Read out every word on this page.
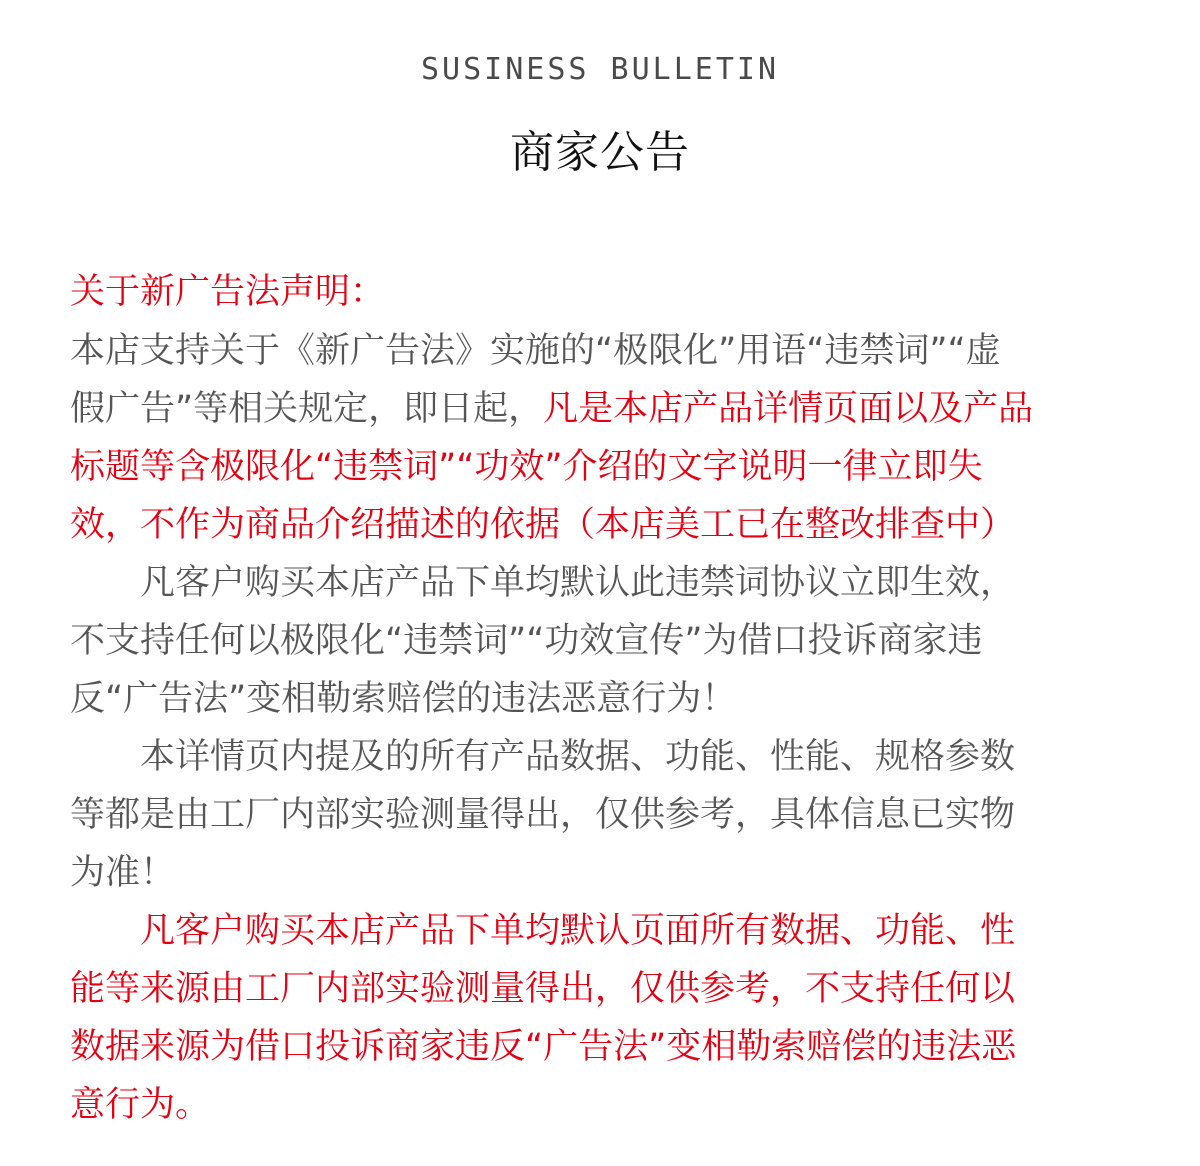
SUSINESS BULLETIN
商家公告
关于新广告法声明：
本店支持关于《新广告法》实施的“极限化”用语“违禁词”“虚
假广告”等相关规定，即日起，凡是本店产品详情页面以及产品
标题等含极限化“违禁词”“功效”介绍的文字说明一律立即失
效，不作为商品介绍描述的依据（本店美工已在整改排查中）
凡客户购买本店产品下单均默认此违禁词协议立即生效，
不支持任何以极限化“违禁词”“功效宣传”为借口投诉商家违
反“广告法”变相勒索赔偿的违法恶意行为！
本详情页内提及的所有产品数据、功能、性能、规格参数
等都是由工厂内部实验测量得出，仅供参考，具体信息已实物
为准！
凡客户购买本店产品下单均默认页面所有数据、功能、性
能等来源由工厂内部实验测量得出，仅供参考，不支持任何以
数据来源为借口投诉商家违反“广告法”变相勒索赔偿的违法恶
意行为。
